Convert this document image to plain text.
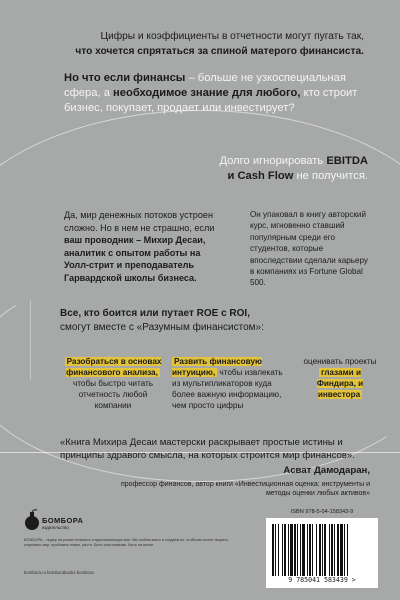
Цифры и коэффициенты в отчетности могут пугать так,
что хочется спрятаться за спиной матерого финансиста.
Но что если финансы – больше не узкоспециальная сфера, а необходимое знание для любого, кто строит бизнес, покупает, продает или инвестирует?
Долго игнорировать EBITDA
и Cash Flow не получится.
Да, мир денежных потоков устроен сложно. Но в нем не страшно, если ваш проводник – Михир Десаи, аналитик с опытом работы на Уолл-стрит и преподаватель Гарвардской школы бизнеса.
Он упаковал в книгу авторский курс, мгновенно ставший популярным среди его студентов, которые впоследствии сделали карьеру в компаниях из Fortune Global 500.
Все, кто боится или путает ROE с ROI,
смогут вместе с «Разумным финансистом»:
Разобраться в основах финансового анализа, чтобы быстро читать отчетность любой компании
Развить финансовую интуицию, чтобы извлекать из мультипликаторов куда более важную информацию, чем просто цифры
оценивать проекты глазами и Финдира, и инвестора
«Книга Михира Десаи мастерски раскрывает простые истины и принципы здравого смысла, на которых строится мир финансов».
Асват Дамодаран,
профессор финансов, автор книги «Инвестиционная оценка: инструменты и методы оценки любых активов»
БОМБОРА
издательство
БОМБОРА – лидер на рынке полезных и вдохновляющих книг. Мы любим книги и создаем их, чтобы вы могли творить, открывать мир, пробовать новое, расти. Быть счастливыми. Быть на волне.
bombora.ru bomborabooks bombora
ISBN 978-5-04-158343-9
9 785041 583439 >
